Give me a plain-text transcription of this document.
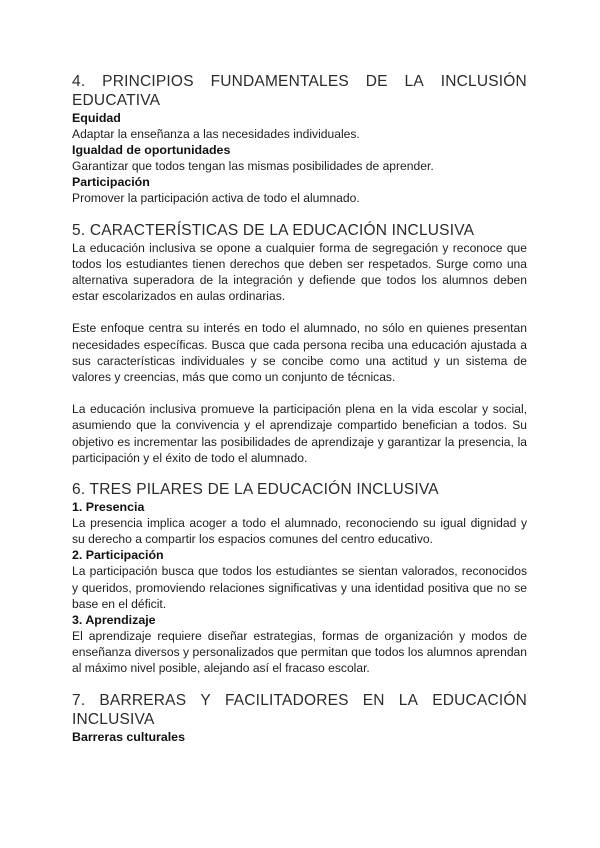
4. PRINCIPIOS FUNDAMENTALES DE LA INCLUSIÓN
EDUCATIVA
Equidad
Adaptar la enseñanza a las necesidades individuales.
Igualdad de oportunidades
Garantizar que todos tengan las mismas posibilidades de aprender.
Participación
Promover la participación activa de todo el alumnado.
5. CARACTERÍSTICAS DE LA EDUCACIÓN INCLUSIVA
La educación inclusiva se opone a cualquier forma de segregación y reconoce que todos los estudiantes tienen derechos que deben ser respetados. Surge como una alternativa superadora de la integración y defiende que todos los alumnos deben estar escolarizados en aulas ordinarias.
Este enfoque centra su interés en todo el alumnado, no sólo en quienes presentan necesidades específicas. Busca que cada persona reciba una educación ajustada a sus características individuales y se concibe como una actitud y un sistema de valores y creencias, más que como un conjunto de técnicas.
La educación inclusiva promueve la participación plena en la vida escolar y social, asumiendo que la convivencia y el aprendizaje compartido benefician a todos. Su objetivo es incrementar las posibilidades de aprendizaje y garantizar la presencia, la participación y el éxito de todo el alumnado.
6. TRES PILARES DE LA EDUCACIÓN INCLUSIVA
1. Presencia
La presencia implica acoger a todo el alumnado, reconociendo su igual dignidad y su derecho a compartir los espacios comunes del centro educativo.
2. Participación
La participación busca que todos los estudiantes se sientan valorados, reconocidos y queridos, promoviendo relaciones significativas y una identidad positiva que no se base en el déficit.
3. Aprendizaje
El aprendizaje requiere diseñar estrategias, formas de organización y modos de enseñanza diversos y personalizados que permitan que todos los alumnos aprendan al máximo nivel posible, alejando así el fracaso escolar.
7. BARRERAS Y FACILITADORES EN LA EDUCACIÓN
INCLUSIVA
Barreras culturales
